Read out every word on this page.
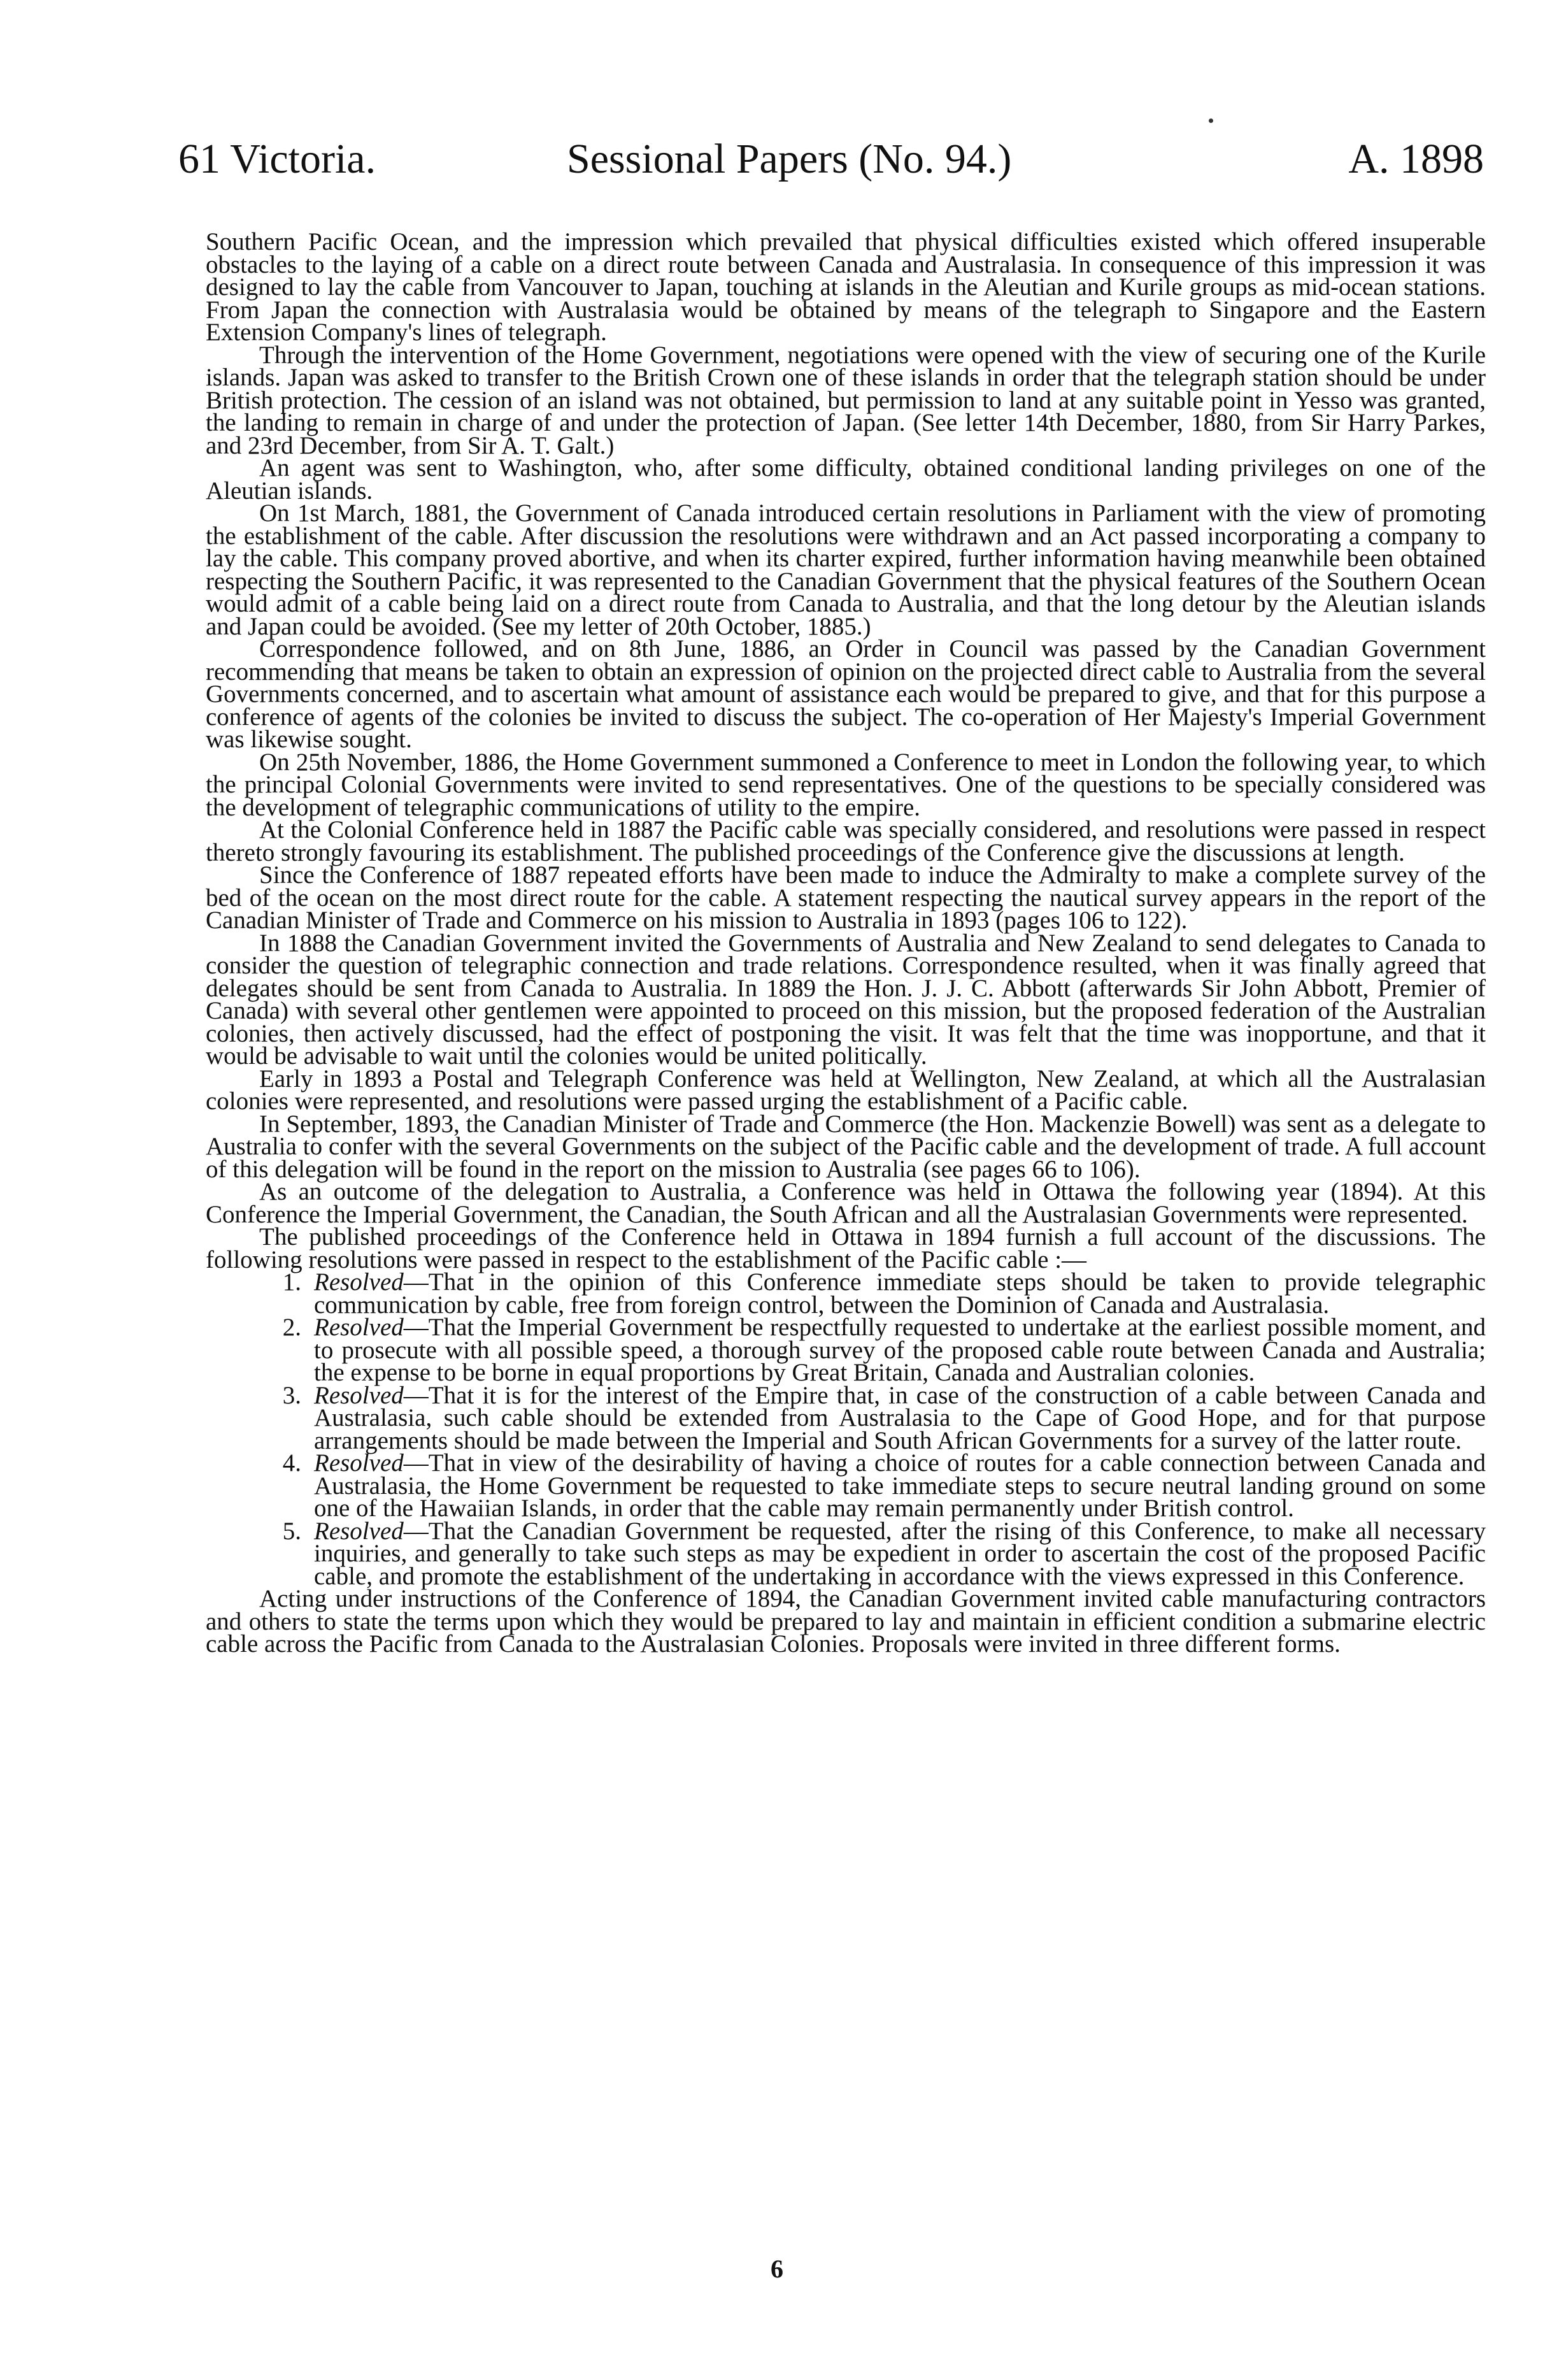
61 Victoria.	Sessional Papers (No. 94.)	A. 1898

Southern Pacific Ocean, and the impression which prevailed that physical difficulties existed which offered insuperable obstacles to the laying of a cable on a direct route between Canada and Australasia. In consequence of this impression it was designed to lay the cable from Vancouver to Japan, touching at islands in the Aleutian and Kurile groups as mid-ocean stations. From Japan the connection with Australasia would be obtained by means of the telegraph to Singapore and the Eastern Extension Company's lines of telegraph.

Through the intervention of the Home Government, negotiations were opened with the view of securing one of the Kurile islands. Japan was asked to transfer to the British Crown one of these islands in order that the telegraph station should be under British protection. The cession of an island was not obtained, but permission to land at any suitable point in Yesso was granted, the landing to remain in charge of and under the protection of Japan. (See letter 14th December, 1880, from Sir Harry Parkes, and 23rd December, from Sir A. T. Galt.)

An agent was sent to Washington, who, after some difficulty, obtained conditional landing privileges on one of the Aleutian islands.

On 1st March, 1881, the Government of Canada introduced certain resolutions in Parliament with the view of promoting the establishment of the cable. After discussion the resolutions were withdrawn and an Act passed incorporating a company to lay the cable. This company proved abortive, and when its charter expired, further information having meanwhile been obtained respecting the Southern Pacific, it was represented to the Canadian Government that the physical features of the Southern Ocean would admit of a cable being laid on a direct route from Canada to Australia, and that the long detour by the Aleutian islands and Japan could be avoided. (See my letter of 20th October, 1885.)

Correspondence followed, and on 8th June, 1886, an Order in Council was passed by the Canadian Government recommending that means be taken to obtain an expression of opinion on the projected direct cable to Australia from the several Governments concerned, and to ascertain what amount of assistance each would be prepared to give, and that for this purpose a conference of agents of the colonies be invited to discuss the subject. The co-operation of Her Majesty's Imperial Government was likewise sought.

On 25th November, 1886, the Home Government summoned a Conference to meet in London the following year, to which the principal Colonial Governments were invited to send representatives. One of the questions to be specially considered was the development of telegraphic communications of utility to the empire.

At the Colonial Conference held in 1887 the Pacific cable was specially considered, and resolutions were passed in respect thereto strongly favouring its establishment. The published proceedings of the Conference give the discussions at length.

Since the Conference of 1887 repeated efforts have been made to induce the Admiralty to make a complete survey of the bed of the ocean on the most direct route for the cable. A statement respecting the nautical survey appears in the report of the Canadian Minister of Trade and Commerce on his mission to Australia in 1893 (pages 106 to 122).

In 1888 the Canadian Government invited the Governments of Australia and New Zealand to send delegates to Canada to consider the question of telegraphic connection and trade relations. Correspondence resulted, when it was finally agreed that delegates should be sent from Canada to Australia. In 1889 the Hon. J. J. C. Abbott (afterwards Sir John Abbott, Premier of Canada) with several other gentlemen were appointed to proceed on this mission, but the proposed federation of the Australian colonies, then actively discussed, had the effect of postponing the visit. It was felt that the time was inopportune, and that it would be advisable to wait until the colonies would be united politically.

Early in 1893 a Postal and Telegraph Conference was held at Wellington, New Zealand, at which all the Australasian colonies were represented, and resolutions were passed urging the establishment of a Pacific cable.

In September, 1893, the Canadian Minister of Trade and Commerce (the Hon. Mackenzie Bowell) was sent as a delegate to Australia to confer with the several Governments on the subject of the Pacific cable and the development of trade. A full account of this delegation will be found in the report on the mission to Australia (see pages 66 to 106).

As an outcome of the delegation to Australia, a Conference was held in Ottawa the following year (1894). At this Conference the Imperial Government, the Canadian, the South African and all the Australasian Governments were represented.

The published proceedings of the Conference held in Ottawa in 1894 furnish a full account of the discussions. The following resolutions were passed in respect to the establishment of the Pacific cable :—

1. Resolved—That in the opinion of this Conference immediate steps should be taken to provide telegraphic communication by cable, free from foreign control, between the Dominion of Canada and Australasia.
2. Resolved—That the Imperial Government be respectfully requested to undertake at the earliest possible moment, and to prosecute with all possible speed, a thorough survey of the proposed cable route between Canada and Australia; the expense to be borne in equal proportions by Great Britain, Canada and Australian colonies.
3. Resolved—That it is for the interest of the Empire that, in case of the construction of a cable between Canada and Australasia, such cable should be extended from Australasia to the Cape of Good Hope, and for that purpose arrangements should be made between the Imperial and South African Governments for a survey of the latter route.
4. Resolved—That in view of the desirability of having a choice of routes for a cable connection between Canada and Australasia, the Home Government be requested to take immediate steps to secure neutral landing ground on some one of the Hawaiian Islands, in order that the cable may remain permanently under British control.
5. Resolved—That the Canadian Government be requested, after the rising of this Conference, to make all necessary inquiries, and generally to take such steps as may be expedient in order to ascertain the cost of the proposed Pacific cable, and promote the establishment of the undertaking in accordance with the views expressed in this Conference.

Acting under instructions of the Conference of 1894, the Canadian Government invited cable manufacturing contractors and others to state the terms upon which they would be prepared to lay and maintain in efficient condition a submarine electric cable across the Pacific from Canada to the Australasian Colonies. Proposals were invited in three different forms.

6
